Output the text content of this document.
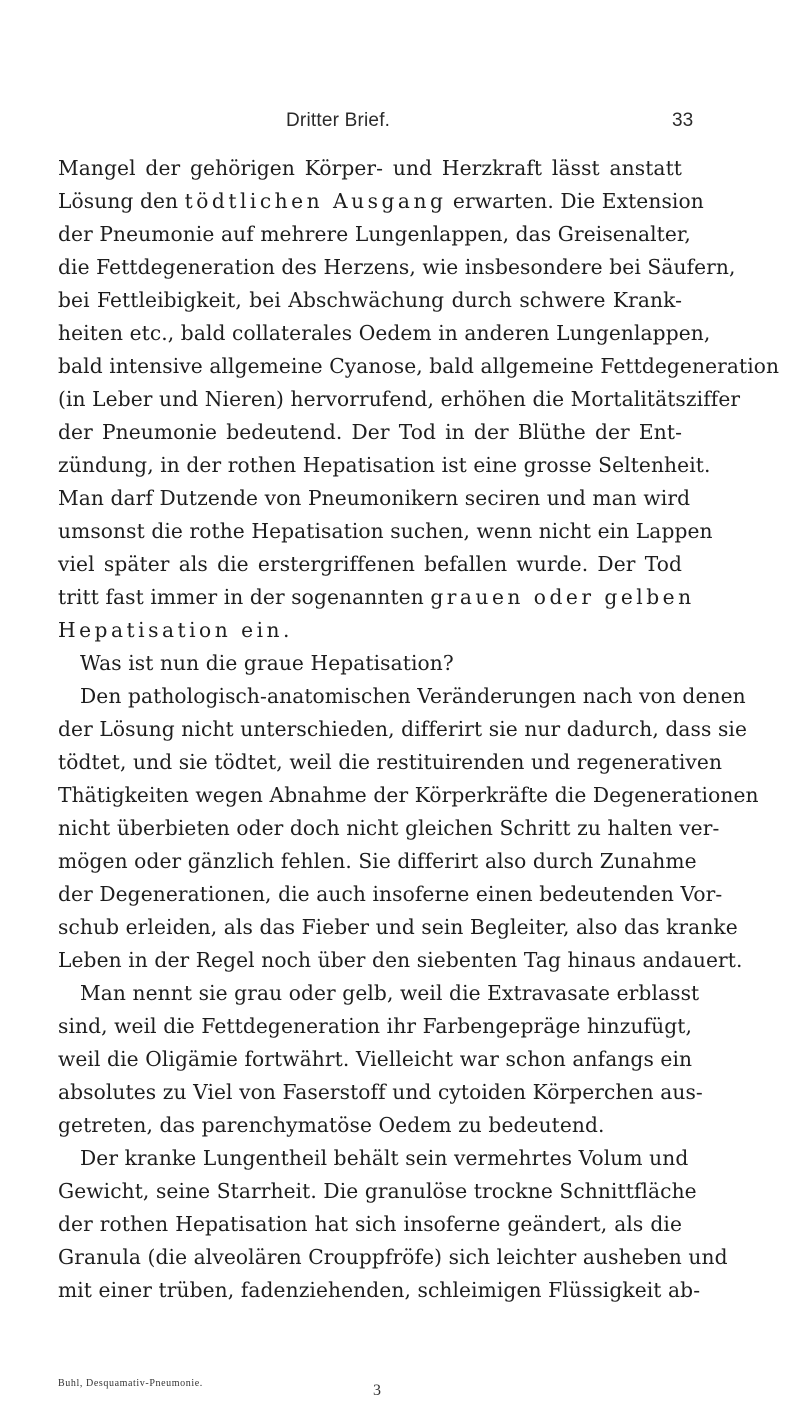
Dritter Brief.	33
Mangel der gehörigen Körper- und Herzkraft lässt anstatt
Lösung den tödtlichen Ausgang erwarten. Die Extension
der Pneumonie auf mehrere Lungenlappen, das Greisenalter,
die Fettdegeneration des Herzens, wie insbesondere bei Säufern,
bei Fettleibigkeit, bei Abschwächung durch schwere Krank-
heiten etc., bald collaterales Oedem in anderen Lungenlappen,
bald intensive allgemeine Cyanose, bald allgemeine Fettdegeneration
(in Leber und Nieren) hervorrufend, erhöhen die Mortalitätsziffer
der Pneumonie bedeutend. Der Tod in der Blüthe der Ent-
zündung, in der rothen Hepatisation ist eine grosse Seltenheit.
Man darf Dutzende von Pneumonikern seciren und man wird
umsonst die rothe Hepatisation suchen, wenn nicht ein Lappen
viel später als die erstergriffenen befallen wurde. Der Tod
tritt fast immer in der sogenannten grauen oder gelben
Hepatisation ein.
Was ist nun die graue Hepatisation?
Den pathologisch-anatomischen Veränderungen nach von denen
der Lösung nicht unterschieden, differirt sie nur dadurch, dass sie
tödtet, und sie tödtet, weil die restituirenden und regenerativen
Thätigkeiten wegen Abnahme der Körperkräfte die Degenerationen
nicht überbieten oder doch nicht gleichen Schritt zu halten ver-
mögen oder gänzlich fehlen. Sie differirt also durch Zunahme
der Degenerationen, die auch insoferne einen bedeutenden Vor-
schub erleiden, als das Fieber und sein Begleiter, also das kranke
Leben in der Regel noch über den siebenten Tag hinaus andauert.
Man nennt sie grau oder gelb, weil die Extravasate erblasst
sind, weil die Fettdegeneration ihr Farbengepräge hinzufügt,
weil die Oligämie fortwährt. Vielleicht war schon anfangs ein
absolutes zu Viel von Faserstoff und cytoiden Körperchen aus-
getreten, das parenchymatöse Oedem zu bedeutend.
Der kranke Lungentheil behält sein vermehrtes Volum und
Gewicht, seine Starrheit. Die granulöse trockne Schnittfläche
der rothen Hepatisation hat sich insoferne geändert, als die
Granula (die alveolären Crouppfröfe) sich leichter ausheben und
mit einer trüben, fadenziehenden, schleimigen Flüssigkeit ab-
Buhl, Desquamativ-Pneumonie.	3
